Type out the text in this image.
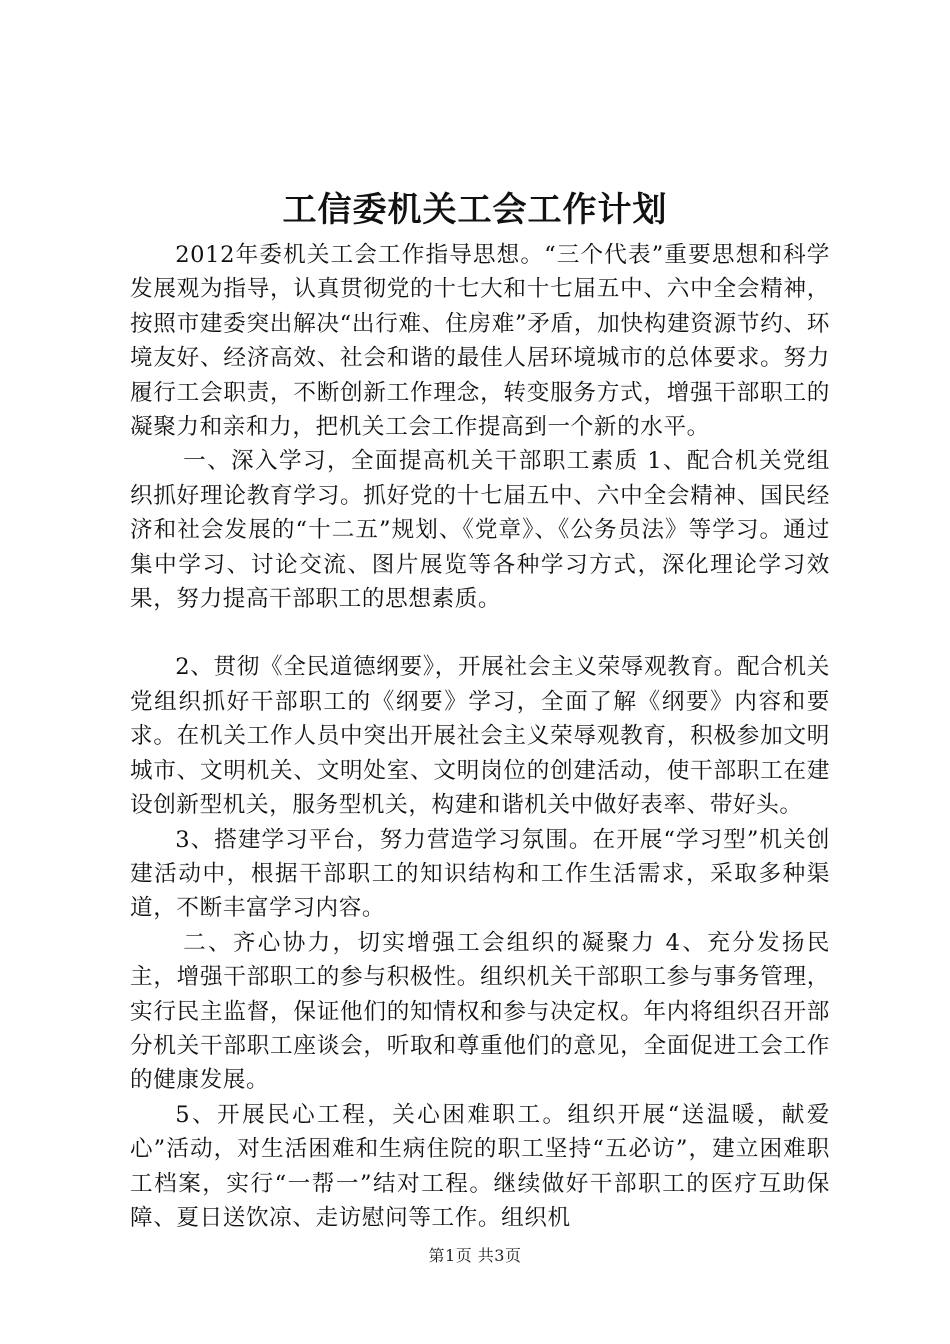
工信委机关工会工作计划

2012年委机关工会工作指导思想。“三个代表”重要思想和科学发展观为指导，认真贯彻党的十七大和十七届五中、六中全会精神，按照市建委突出解决“出行难、住房难”矛盾，加快构建资源节约、环境友好、经济高效、社会和谐的最佳人居环境城市的总体要求。努力履行工会职责，不断创新工作理念，转变服务方式，增强干部职工的凝聚力和亲和力，把机关工会工作提高到一个新的水平。

一、深入学习，全面提高机关干部职工素质 1、配合机关党组织抓好理论教育学习。抓好党的十七届五中、六中全会精神、国民经济和社会发展的“十二五”规划、《党章》、《公务员法》等学习。通过集中学习、讨论交流、图片展览等各种学习方式，深化理论学习效果，努力提高干部职工的思想素质。

2、贯彻《全民道德纲要》，开展社会主义荣辱观教育。配合机关党组织抓好干部职工的《纲要》学习，全面了解《纲要》内容和要求。在机关工作人员中突出开展社会主义荣辱观教育，积极参加文明城市、文明机关、文明处室、文明岗位的创建活动，使干部职工在建设创新型机关，服务型机关，构建和谐机关中做好表率、带好头。

3、搭建学习平台，努力营造学习氛围。在开展“学习型”机关创建活动中，根据干部职工的知识结构和工作生活需求，采取多种渠道，不断丰富学习内容。

二、齐心协力，切实增强工会组织的凝聚力 4、充分发扬民主，增强干部职工的参与积极性。组织机关干部职工参与事务管理，实行民主监督，保证他们的知情权和参与决定权。年内将组织召开部分机关干部职工座谈会，听取和尊重他们的意见，全面促进工会工作的健康发展。

5、开展民心工程，关心困难职工。组织开展“送温暖，献爱心”活动，对生活困难和生病住院的职工坚持“五必访”，建立困难职工档案，实行“一帮一”结对工程。继续做好干部职工的医疗互助保障、夏日送饮凉、走访慰问等工作。组织机

第1页 共3页
